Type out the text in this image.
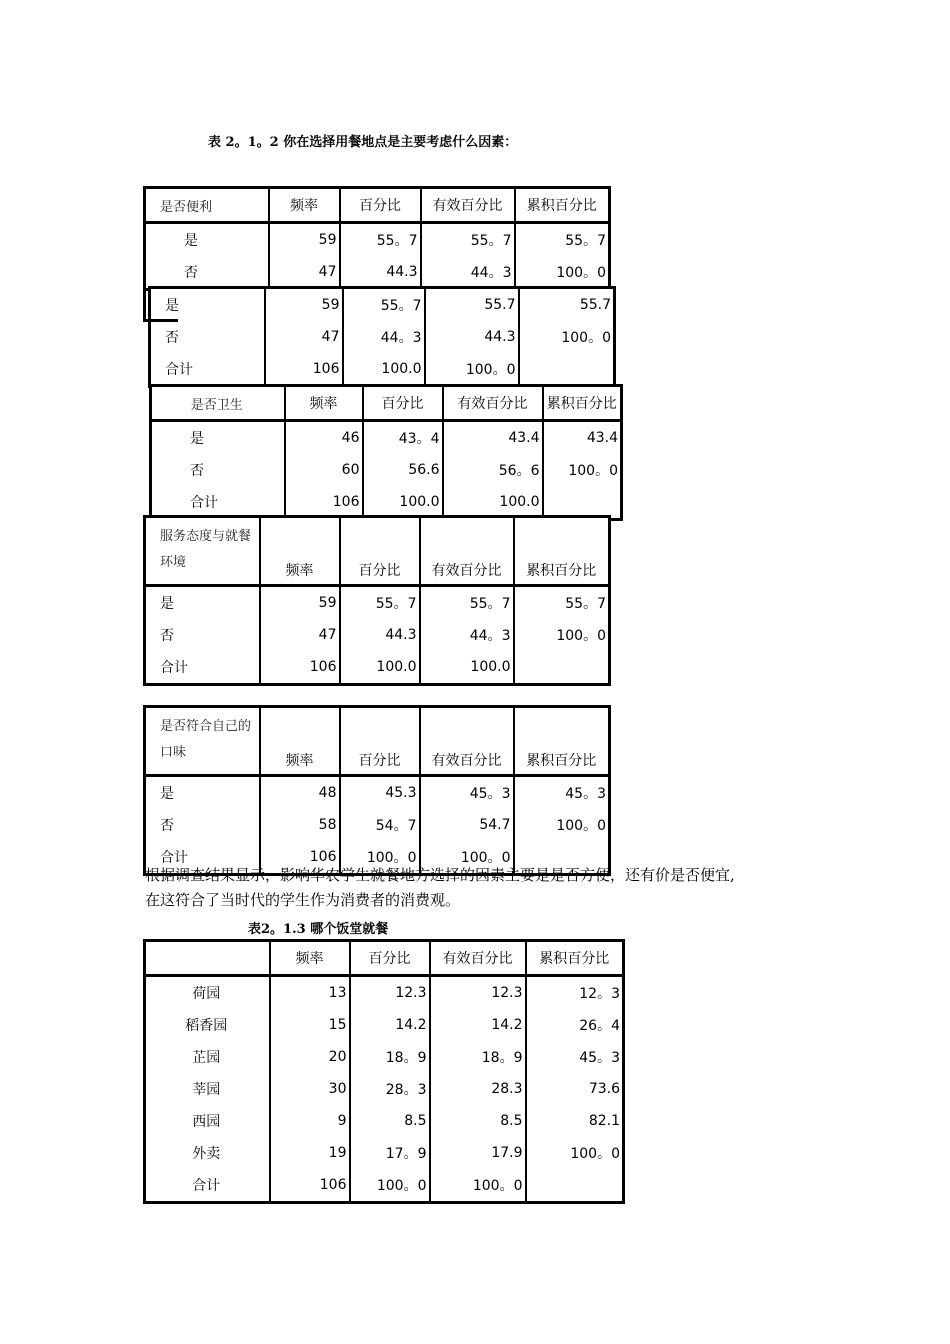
表 2。1。2 你在选择用餐地点是主要考虑什么因素：
是否便利	频率	百分比	有效百分比	累积百分比
是	59	55。7	55。7	55。7
否	47	44.3	44。3	100。0
是	59	55。7	55.7	55.7
否	47	44。3	44.3	100。0
合计	106	100.0	100。0	
是否卫生	频率	百分比	有效百分比	累积百分比
是	46	43。4	43.4	43.4
否	60	56.6	56。6	100。0
合计	106	100.0	100.0	
服务态度与就餐环境	频率	百分比	有效百分比	累积百分比
是	59	55。7	55。7	55。7
否	47	44.3	44。3	100。0
合计	106	100.0	100.0	
是否符合自己的口味	频率	百分比	有效百分比	累积百分比
是	48	45.3	45。3	45。3
否	58	54。7	54.7	100。0
合计	106	100。0	100。0	
根据调查结果显示，影响华农学生就餐地方选择的因素主要是是否方便，还有价是否便宜,在这符合了当时代的学生作为消费者的消费观。
表2。1.3 哪个饭堂就餐
	频率	百分比	有效百分比	累积百分比
荷园	13	12.3	12.3	12。3
稻香园	15	14.2	14.2	26。4
芷园	20	18。9	18。9	45。3
莘园	30	28。3	28.3	73.6
西园	9	8.5	8.5	82.1
外卖	19	17。9	17.9	100。0
合计	106	100。0	100。0	
